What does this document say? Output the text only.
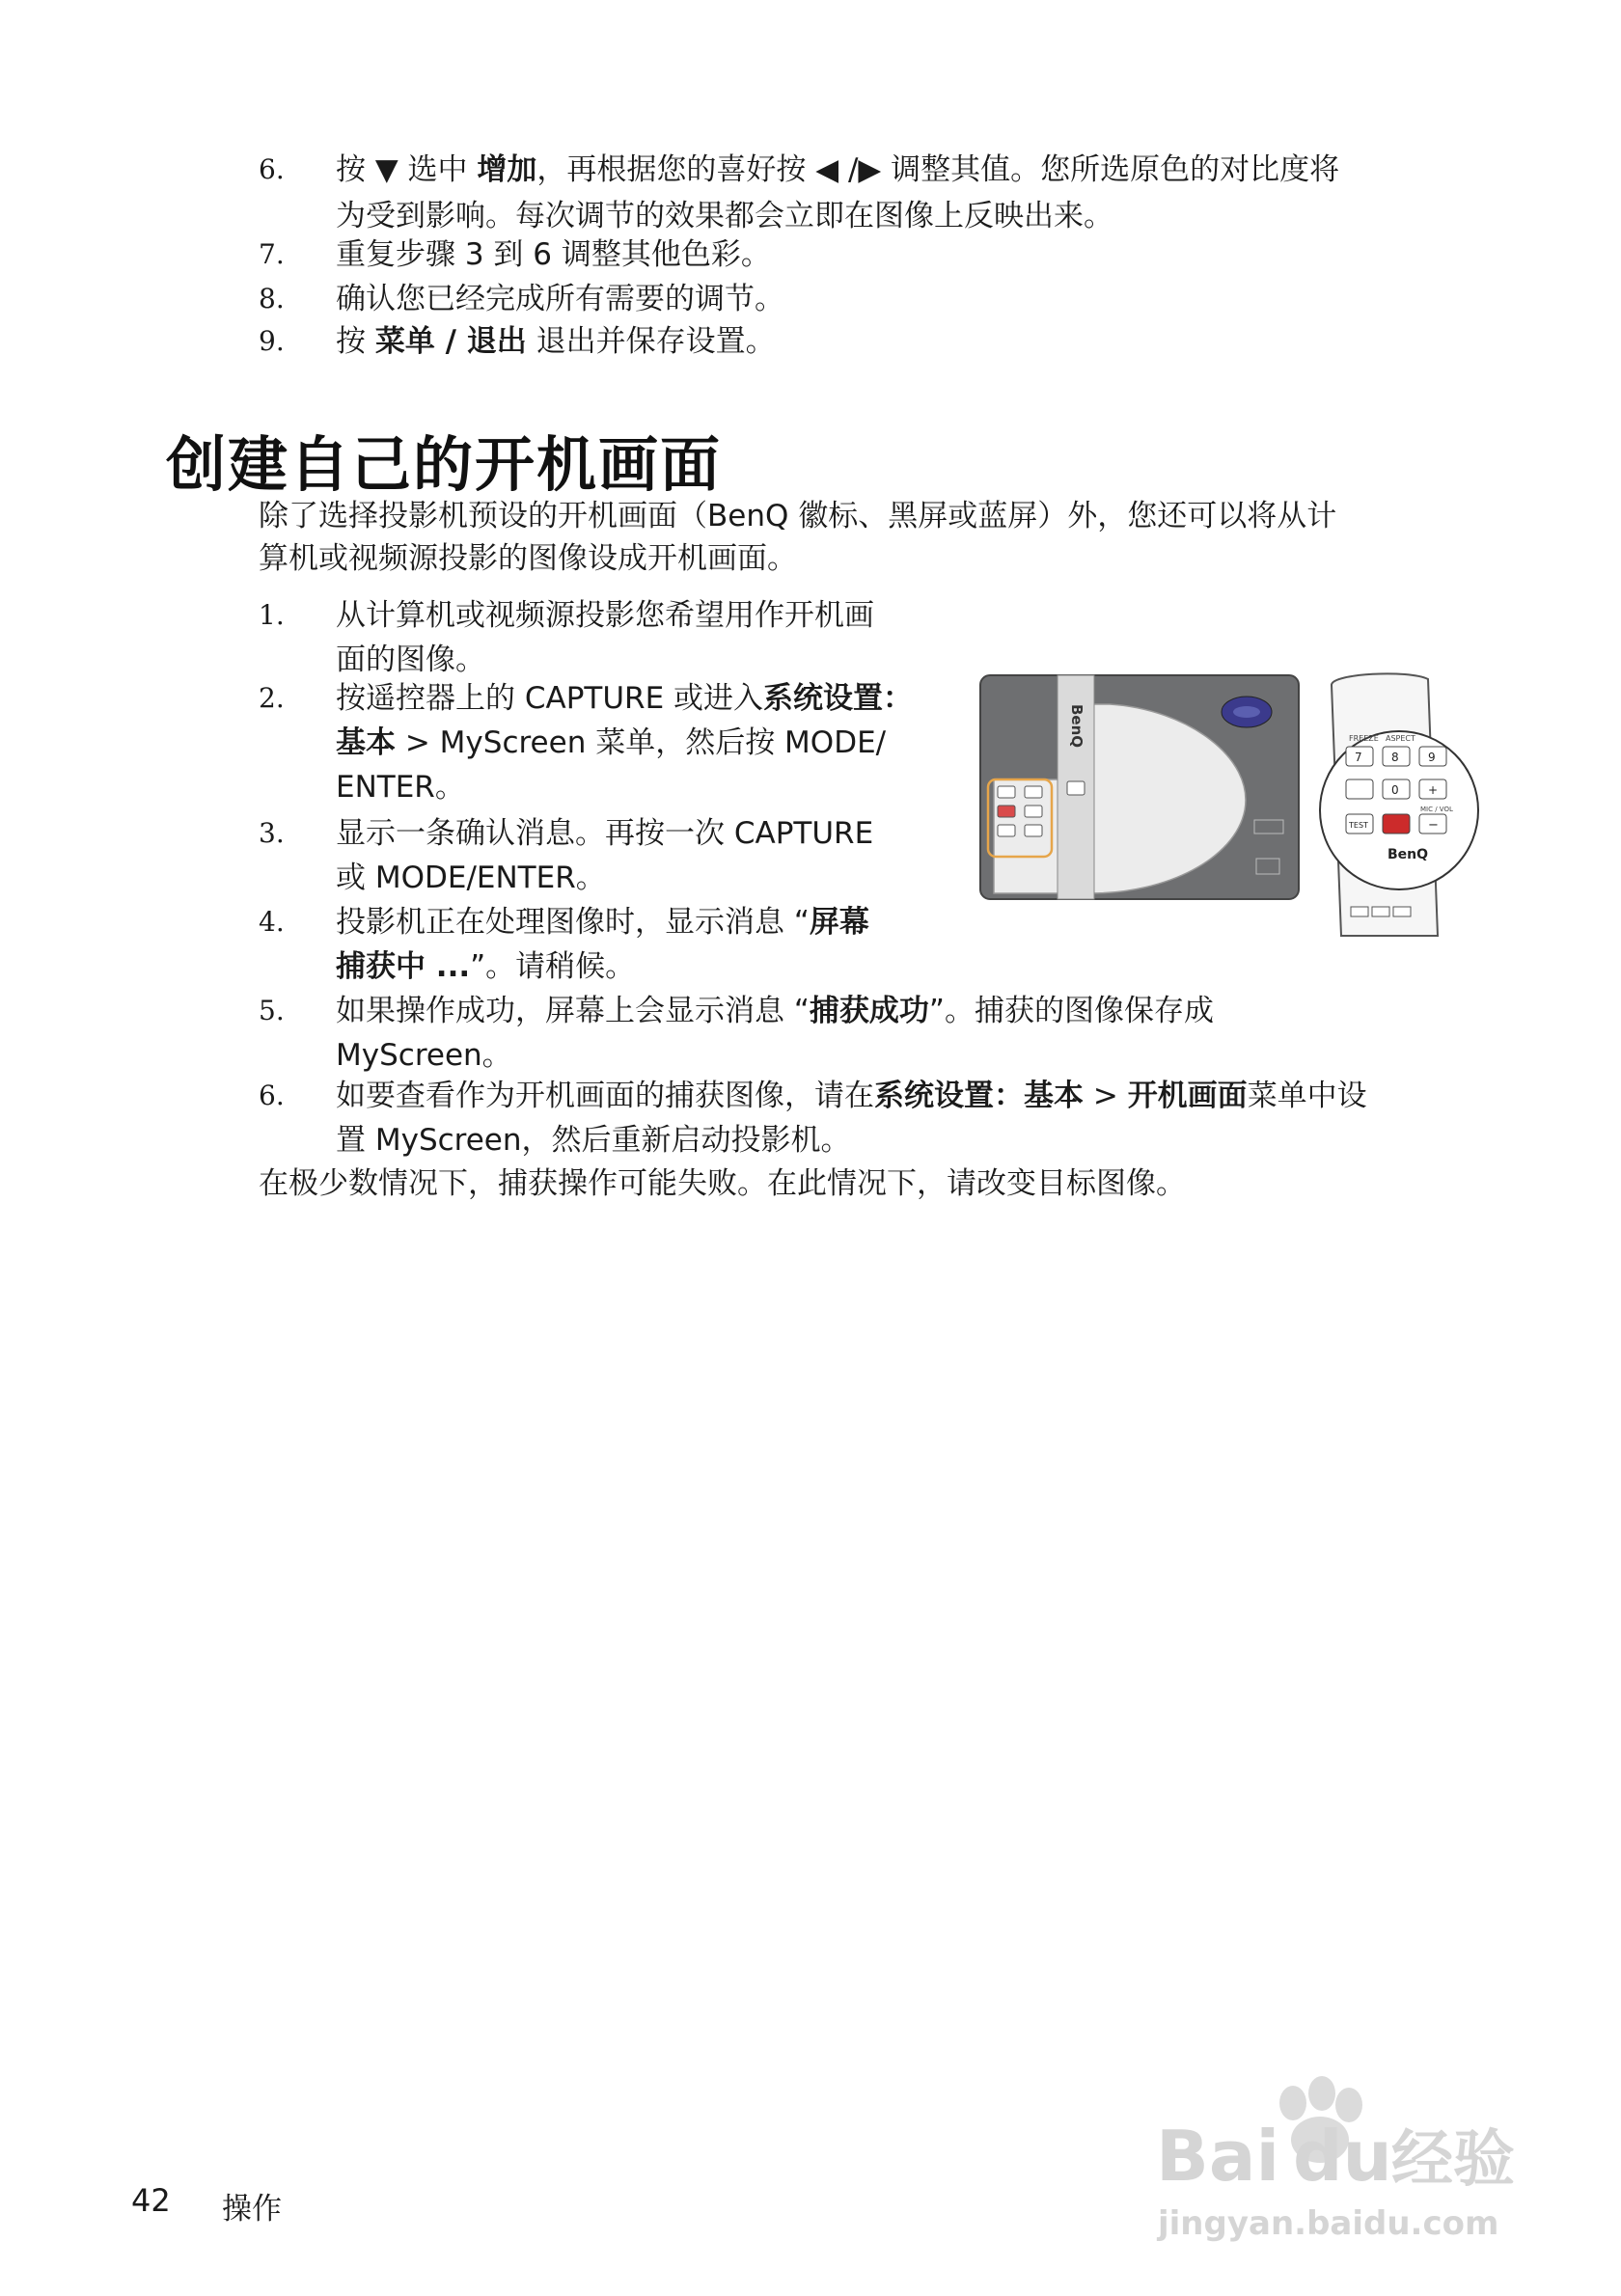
6.	按 ▼ 选中 增加，再根据您的喜好按 ◀ /▶ 调整其值。您所选原色的对比度将
为受到影响。每次调节的效果都会立即在图像上反映出来。
7.	重复步骤 3 到 6 调整其他色彩。
8.	确认您已经完成所有需要的调节。
9.	按 菜单 / 退出 退出并保存设置。
创建自己的开机画面
除了选择投影机预设的开机画面（BenQ 徽标、黑屏或蓝屏）外，您还可以将从计
算机或视频源投影的图像设成开机画面。
1.	从计算机或视频源投影您希望用作开机画
面的图像。
2.	按遥控器上的 CAPTURE 或进入系统设置：
基本 > MyScreen 菜单，然后按 MODE/
ENTER。
3.	显示一条确认消息。再按一次 CAPTURE
或 MODE/ENTER。
4.	投影机正在处理图像时，显示消息 “屏幕
捕获中 ...”。请稍候。
5.	如果操作成功，屏幕上会显示消息 “捕获成功”。捕获的图像保存成
MyScreen。
6.	如要查看作为开机画面的捕获图像，请在系统设置：基本 > 开机画面菜单中设
置 MyScreen，然后重新启动投影机。
在极少数情况下，捕获操作可能失败。在此情况下，请改变目标图像。
BenQ	FREEZE ASPECT
7	8	9
0	+
MIC / VOL
TEST	−
BenQ
Bai du 经验
jingyan.baidu.com
42 操作
